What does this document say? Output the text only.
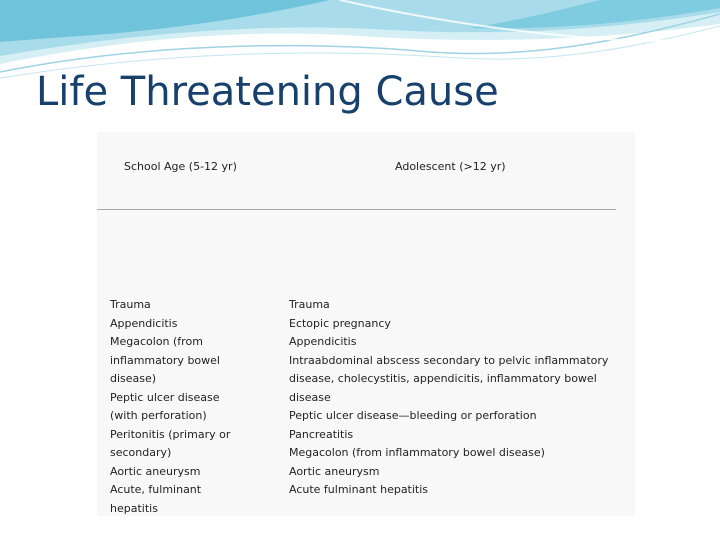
Life Threatening Cause
School Age (5-12 yr)	Adolescent (>12 yr)
Trauma
Appendicitis
Megacolon (from
inflammatory bowel
disease)
Peptic ulcer disease
(with perforation)
Peritonitis (primary or
secondary)
Aortic aneurysm
Acute, fulminant
hepatitis
Trauma
Ectopic pregnancy
Appendicitis
Intraabdominal abscess secondary to pelvic inflammatory
disease, cholecystitis, appendicitis, inflammatory bowel
disease
Peptic ulcer disease—bleeding or perforation
Pancreatitis
Megacolon (from inflammatory bowel disease)
Aortic aneurysm
Acute fulminant hepatitis
